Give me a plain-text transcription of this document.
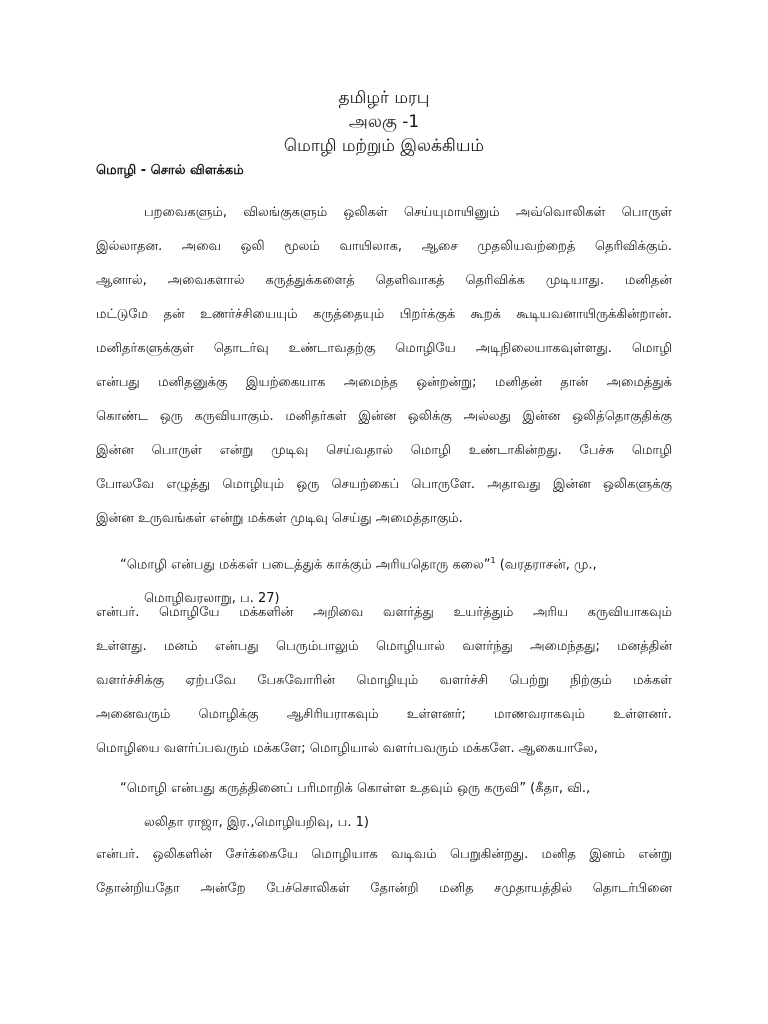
தமிழர் மரபு
அலகு -1
மொழி மற்றும் இலக்கியம்
மொழி - சொல் விளக்கம்

பறவைகளும், விலங்குகளும் ஒலிகள் செய்யுமாயினும் அவ்வொலிகள் பொருள்

இல்லாதன. அவை ஒலி மூலம் வாயிலாக, ஆசை முதலியவற்றைத் தெரிவிக்கும்.

ஆனால், அவைகளால் கருத்துக்களைத் தெளிவாகத் தெரிவிக்க முடியாது. மனிதன்

மட்டுமே தன் உணர்ச்சியையும் கருத்தையும் பிறர்க்குக் கூறக் கூடியவனாயிருக்கின்றான்.

மனிதர்களுக்குள் தொடர்வு உண்டாவதற்கு மொழியே அடிநிலையாகவுள்ளது. மொழி

என்பது மனிதனுக்கு இயற்கையாக அமைந்த ஒன்றன்று; மனிதன் தான் அமைத்துக்

கொண்ட ஒரு கருவியாகும். மனிதர்கள் இன்ன ஒலிக்கு அல்லது இன்ன ஒலித்தொகுதிக்கு

இன்ன பொருள் என்று முடிவு செய்வதால் மொழி உண்டாகின்றது. பேச்சு மொழி

போலவே எழுத்து மொழியும் ஒரு செயற்கைப் பொருளே. அதாவது இன்ன ஒலிகளுக்கு

இன்ன உருவங்கள் என்று மக்கள் முடிவு செய்து அமைத்தாகும்.

“மொழி என்பது மக்கள் படைத்துக் காக்கும் அரியதொரு கலை”$^1$ (வரதராசன், மு.,

மொழிவரலாறு, ப. 27)

என்பர். மொழியே மக்களின் அறிவை வளர்த்து உயர்த்தும் அரிய கருவியாகவும்

உள்ளது. மனம் என்பது பெரும்பாலும் மொழியால் வளர்ந்து அமைந்தது; மனத்தின்

வளர்ச்சிக்கு ஏற்பவே பேசுவோரின் மொழியும் வளர்ச்சி பெற்று நிற்கும் மக்கள்

அனைவரும் மொழிக்கு ஆசிரியராகவும் உள்ளனர்; மாணவராகவும் உள்ளனர்.

மொழியை வளர்ப்பவரும் மக்களே; மொழியால் வளர்பவரும் மக்களே. ஆகையாலே,

“மொழி என்பது கருத்தினைப் பரிமாறிக் கொள்ள உதவும் ஒரு கருவி” (கீதா, வி.,

லலிதா ராஜா, இர.,மொழியறிவு, ப. 1)

என்பர். ஒலிகளின் சேர்க்கையே மொழியாக வடிவம் பெறுகின்றது. மனித இனம் என்று

தோன்றியதோ அன்றே பேச்சொலிகள் தோன்றி மனித சமுதாயத்தில் தொடர்பினை
